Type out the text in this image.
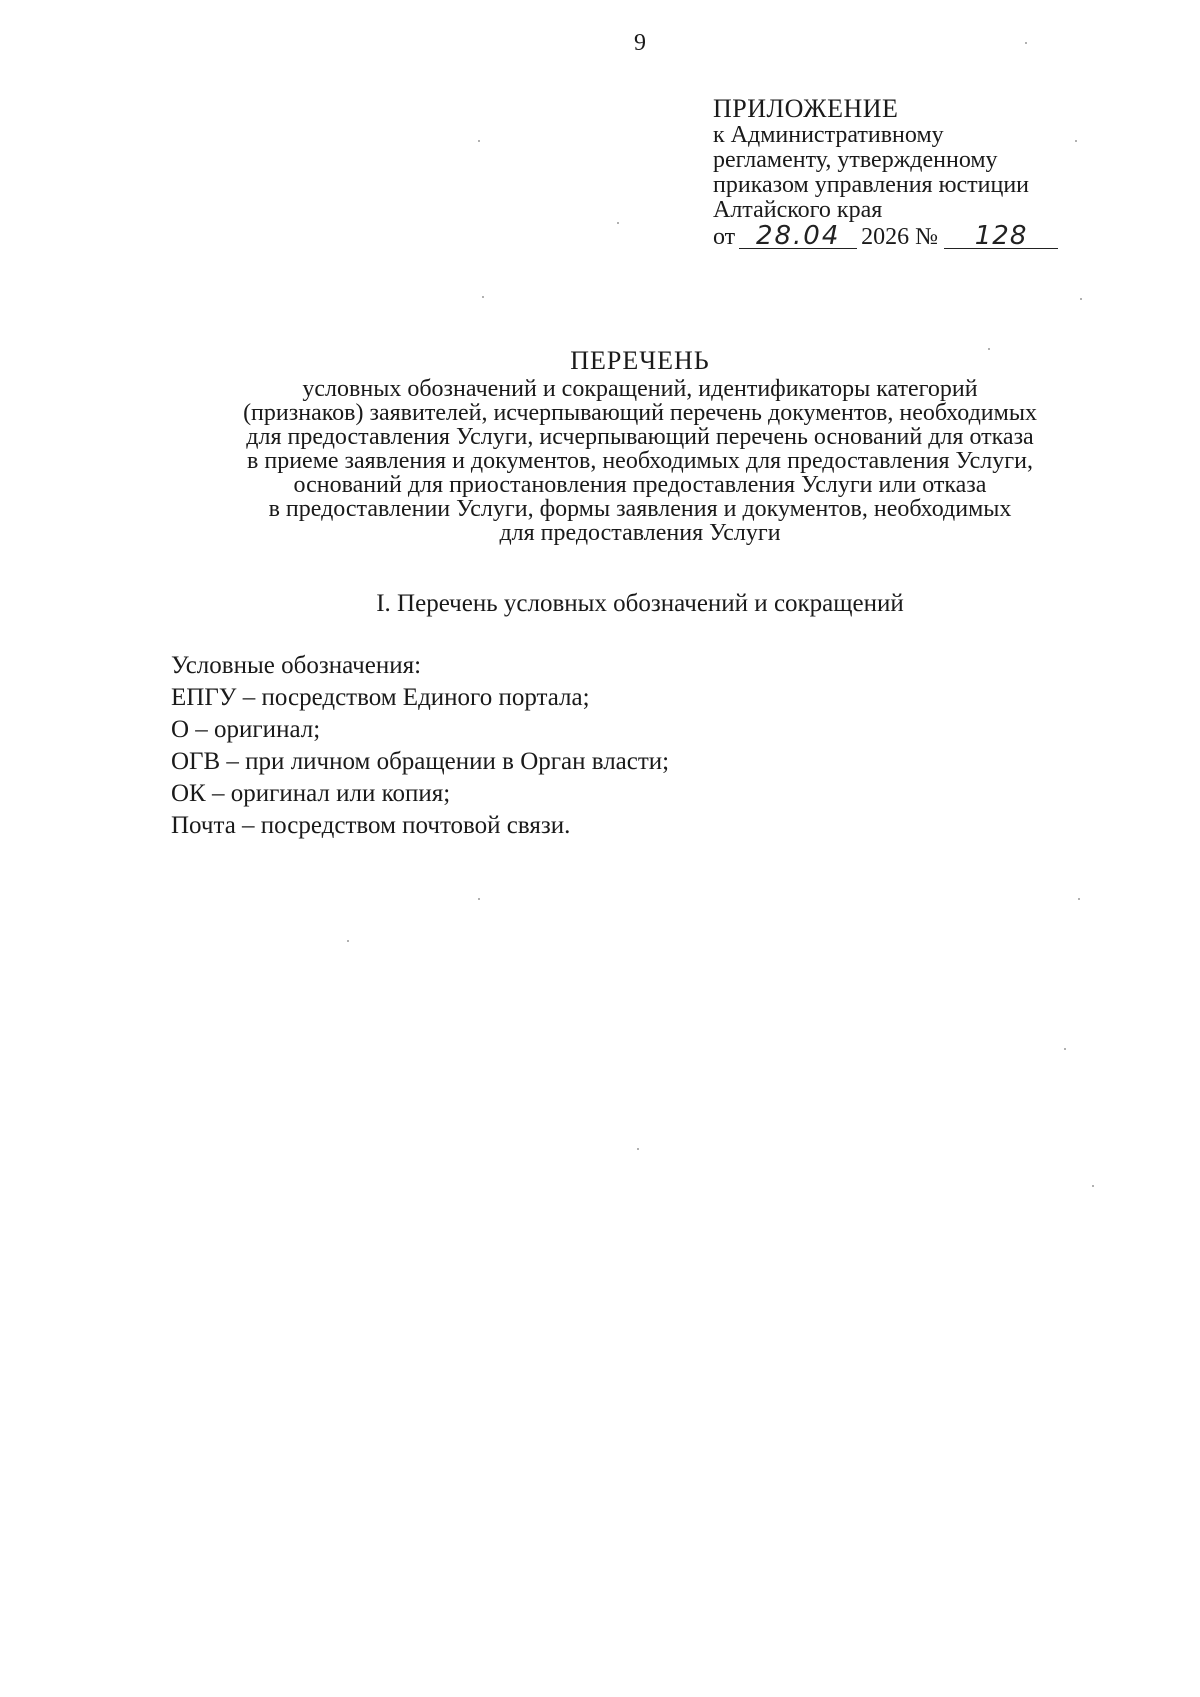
9
ПРИЛОЖЕНИЕ
к Административному
регламенту, утвержденному
приказом управления юстиции
Алтайского края
от 28.04 2026 № 128
ПЕРЕЧЕНЬ
условных обозначений и сокращений, идентификаторы категорий
(признаков) заявителей, исчерпывающий перечень документов, необходимых
для предоставления Услуги, исчерпывающий перечень оснований для отказа
в приеме заявления и документов, необходимых для предоставления Услуги,
оснований для приостановления предоставления Услуги или отказа
в предоставлении Услуги, формы заявления и документов, необходимых
для предоставления Услуги
I. Перечень условных обозначений и сокращений
Условные обозначения:
ЕПГУ – посредством Единого портала;
О – оригинал;
ОГВ – при личном обращении в Орган власти;
ОК – оригинал или копия;
Почта – посредством почтовой связи.
